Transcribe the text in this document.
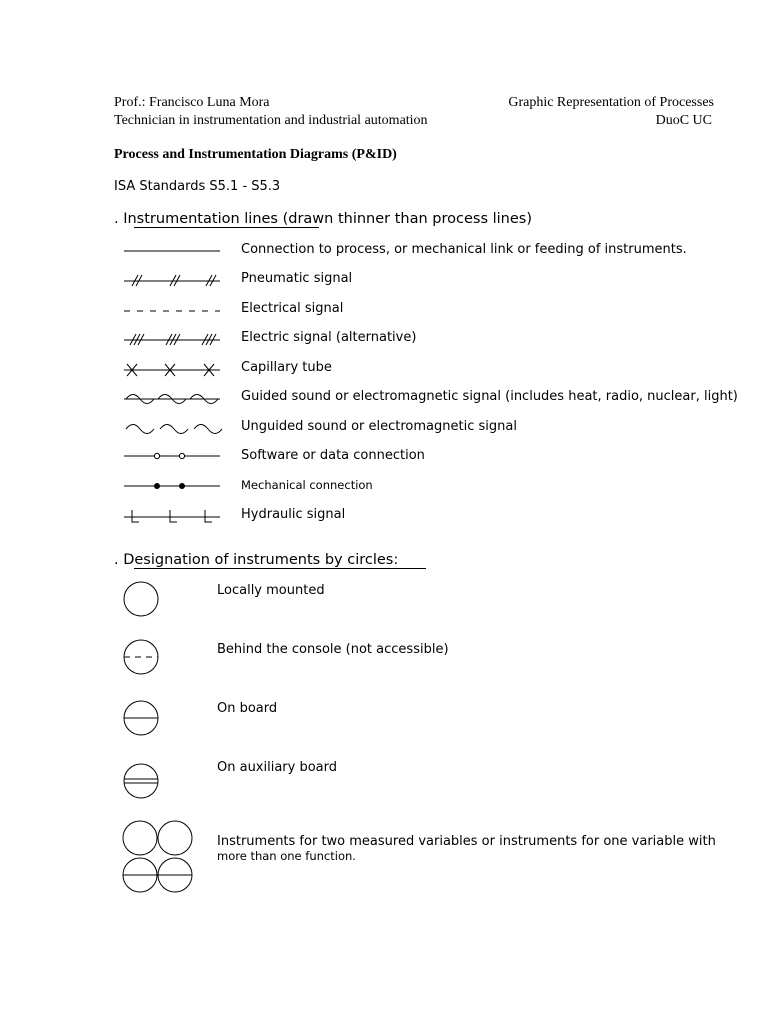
Prof.: Francisco Luna Mora
Technician in instrumentation and industrial automation
Graphic Representation of Processes
DuoC UC
Process and Instrumentation Diagrams (P&ID)
ISA Standards S5.1 - S5.3
. Instrumentation lines (drawn thinner than process lines)
Connection to process, or mechanical link or feeding of instruments.
Pneumatic signal
Electrical signal
Electric signal (alternative)
Capillary tube
Guided sound or electromagnetic signal (includes heat, radio, nuclear, light)
Unguided sound or electromagnetic signal
Software or data connection
Mechanical connection
Hydraulic signal
. Designation of instruments by circles:
Locally mounted
Behind the console (not accessible)
On board
On auxiliary board
Instruments for two measured variables or instruments for one variable with
more than one function.
